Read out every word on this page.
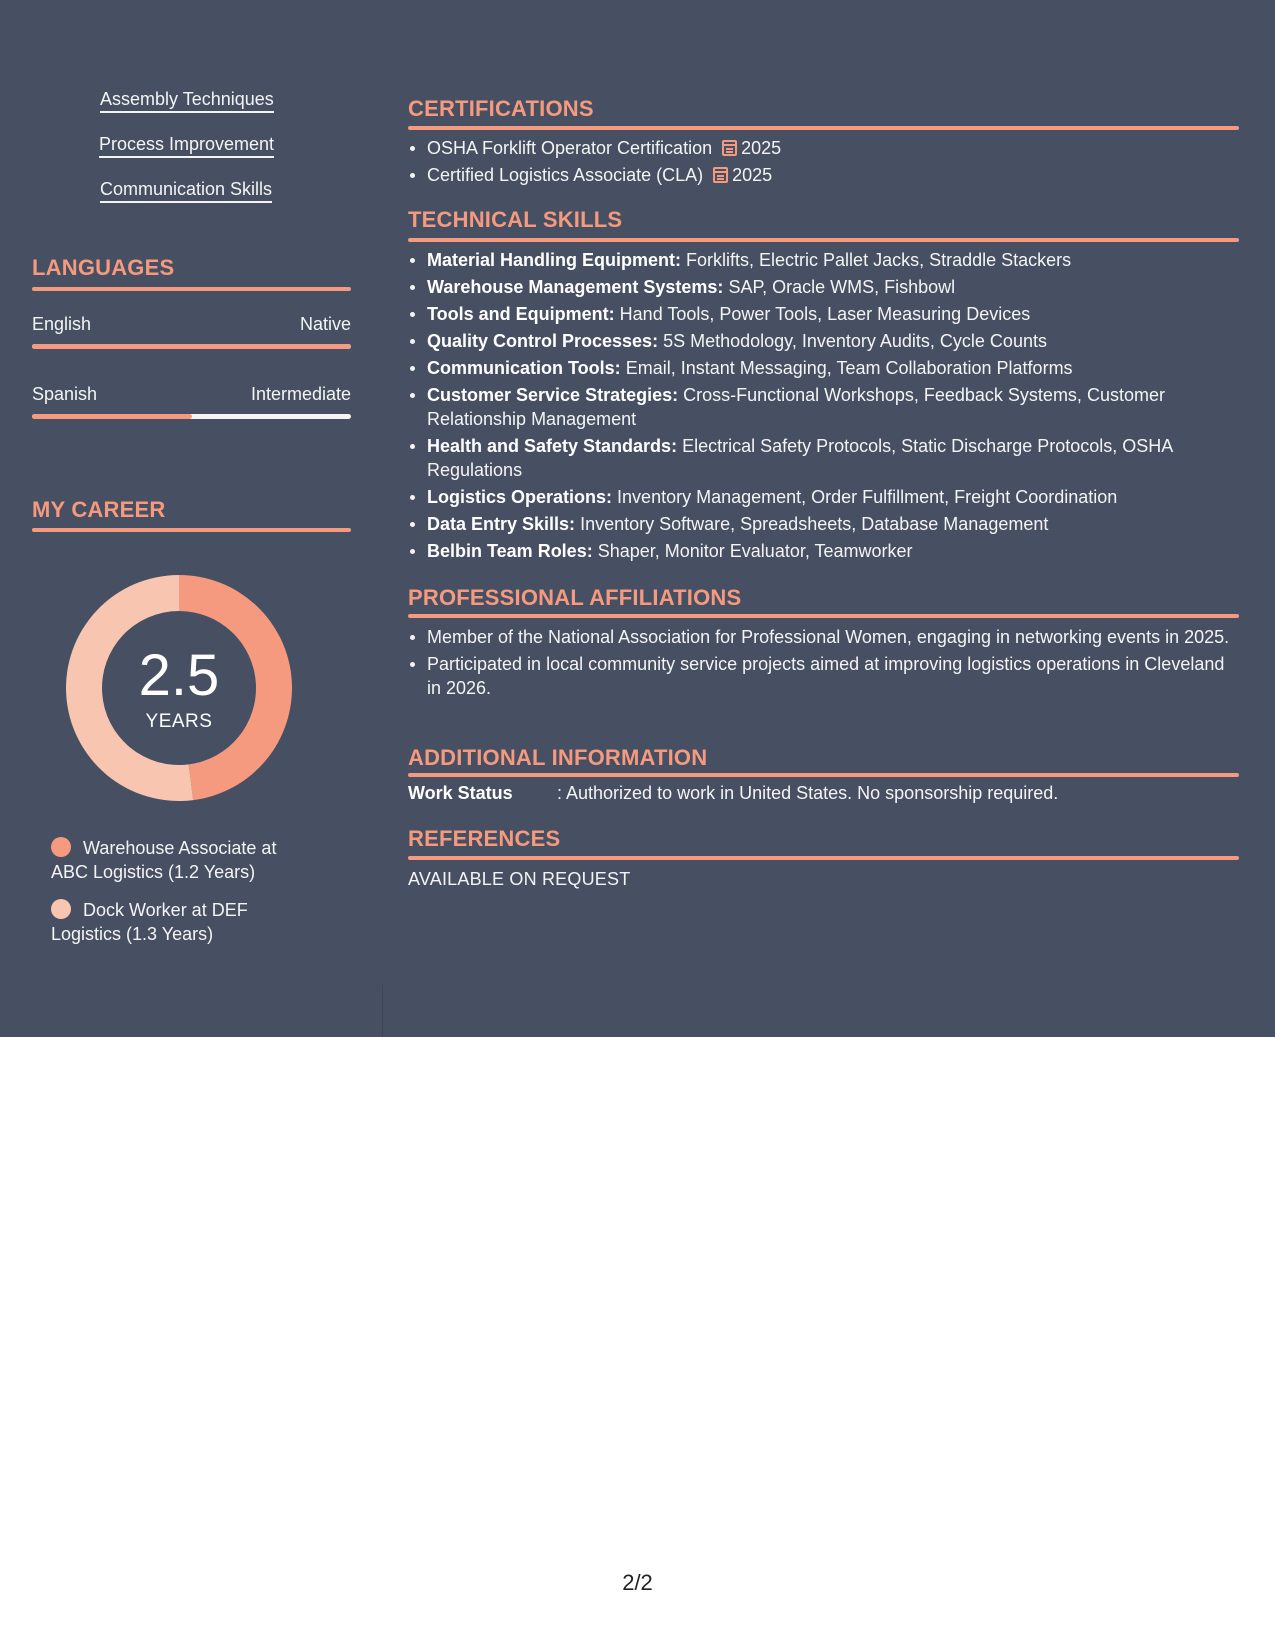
Assembly Techniques
Process Improvement
Communication Skills
LANGUAGES
English	Native
Spanish	Intermediate
MY CAREER
2.5
YEARS
Warehouse Associate at ABC Logistics (1.2 Years)
Dock Worker at DEF Logistics (1.3 Years)
CERTIFICATIONS
OSHA Forklift Operator Certification 2025
Certified Logistics Associate (CLA) 2025
TECHNICAL SKILLS
Material Handling Equipment: Forklifts, Electric Pallet Jacks, Straddle Stackers
Warehouse Management Systems: SAP, Oracle WMS, Fishbowl
Tools and Equipment: Hand Tools, Power Tools, Laser Measuring Devices
Quality Control Processes: 5S Methodology, Inventory Audits, Cycle Counts
Communication Tools: Email, Instant Messaging, Team Collaboration Platforms
Customer Service Strategies: Cross-Functional Workshops, Feedback Systems, Customer Relationship Management
Health and Safety Standards: Electrical Safety Protocols, Static Discharge Protocols, OSHA Regulations
Logistics Operations: Inventory Management, Order Fulfillment, Freight Coordination
Data Entry Skills: Inventory Software, Spreadsheets, Database Management
Belbin Team Roles: Shaper, Monitor Evaluator, Teamworker
PROFESSIONAL AFFILIATIONS
Member of the National Association for Professional Women, engaging in networking events in 2025.
Participated in local community service projects aimed at improving logistics operations in Cleveland in 2026.
ADDITIONAL INFORMATION
Work Status : Authorized to work in United States. No sponsorship required.
REFERENCES
AVAILABLE ON REQUEST
2/2
